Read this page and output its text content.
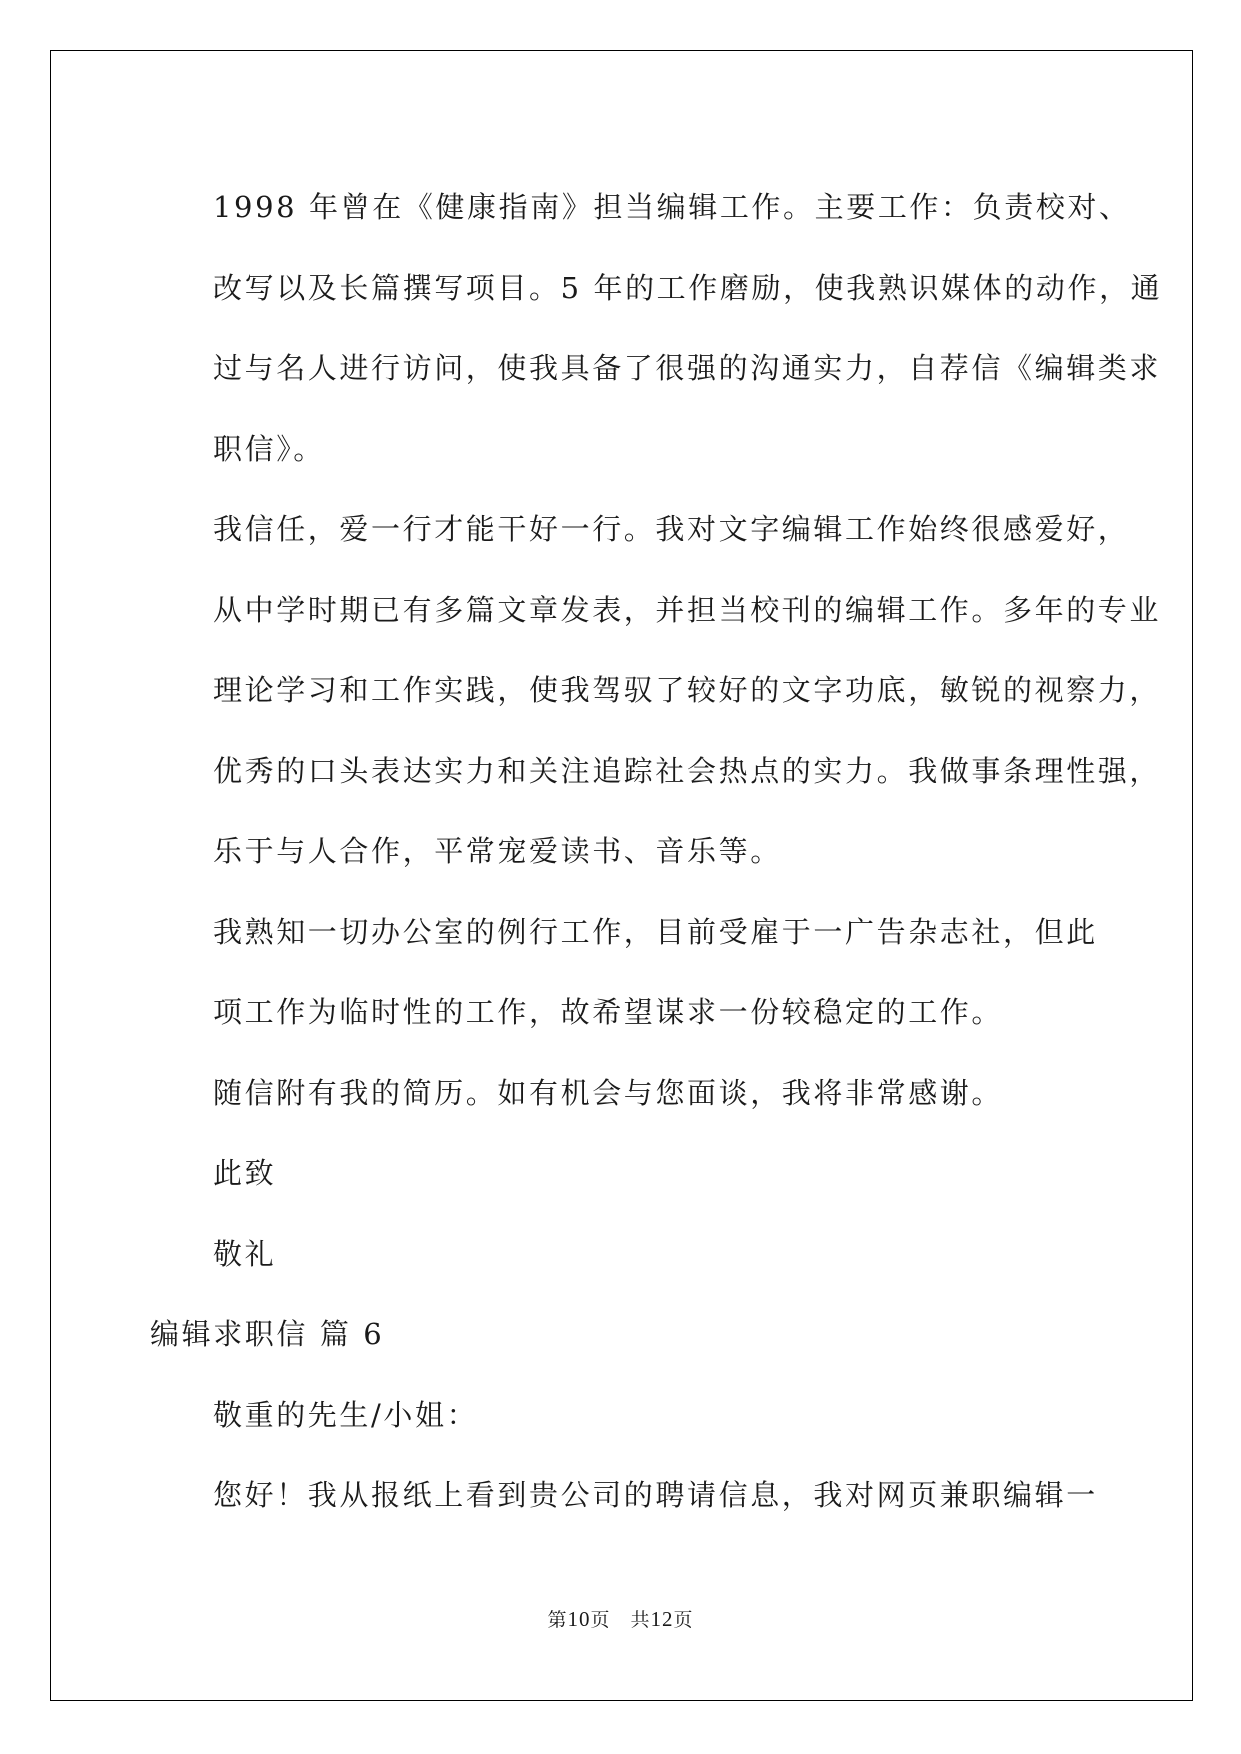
1998 年曾在《健康指南》担当编辑工作。主要工作：负责校对、
改写以及长篇撰写项目。5 年的工作磨励，使我熟识媒体的动作，通
过与名人进行访问，使我具备了很强的沟通实力，自荐信《编辑类求
职信》。

我信任，爱一行才能干好一行。我对文字编辑工作始终很感爱好，
从中学时期已有多篇文章发表，并担当校刊的编辑工作。多年的专业
理论学习和工作实践，使我驾驭了较好的文字功底，敏锐的视察力，
优秀的口头表达实力和关注追踪社会热点的实力。我做事条理性强，
乐于与人合作，平常宠爱读书、音乐等。

我熟知一切办公室的例行工作，目前受雇于一广告杂志社，但此
项工作为临时性的工作，故希望谋求一份较稳定的工作。

随信附有我的简历。如有机会与您面谈，我将非常感谢。

此致

敬礼

编辑求职信 篇 6

敬重的先生/小姐：

您好！我从报纸上看到贵公司的聘请信息，我对网页兼职编辑一

第10页　共12页
